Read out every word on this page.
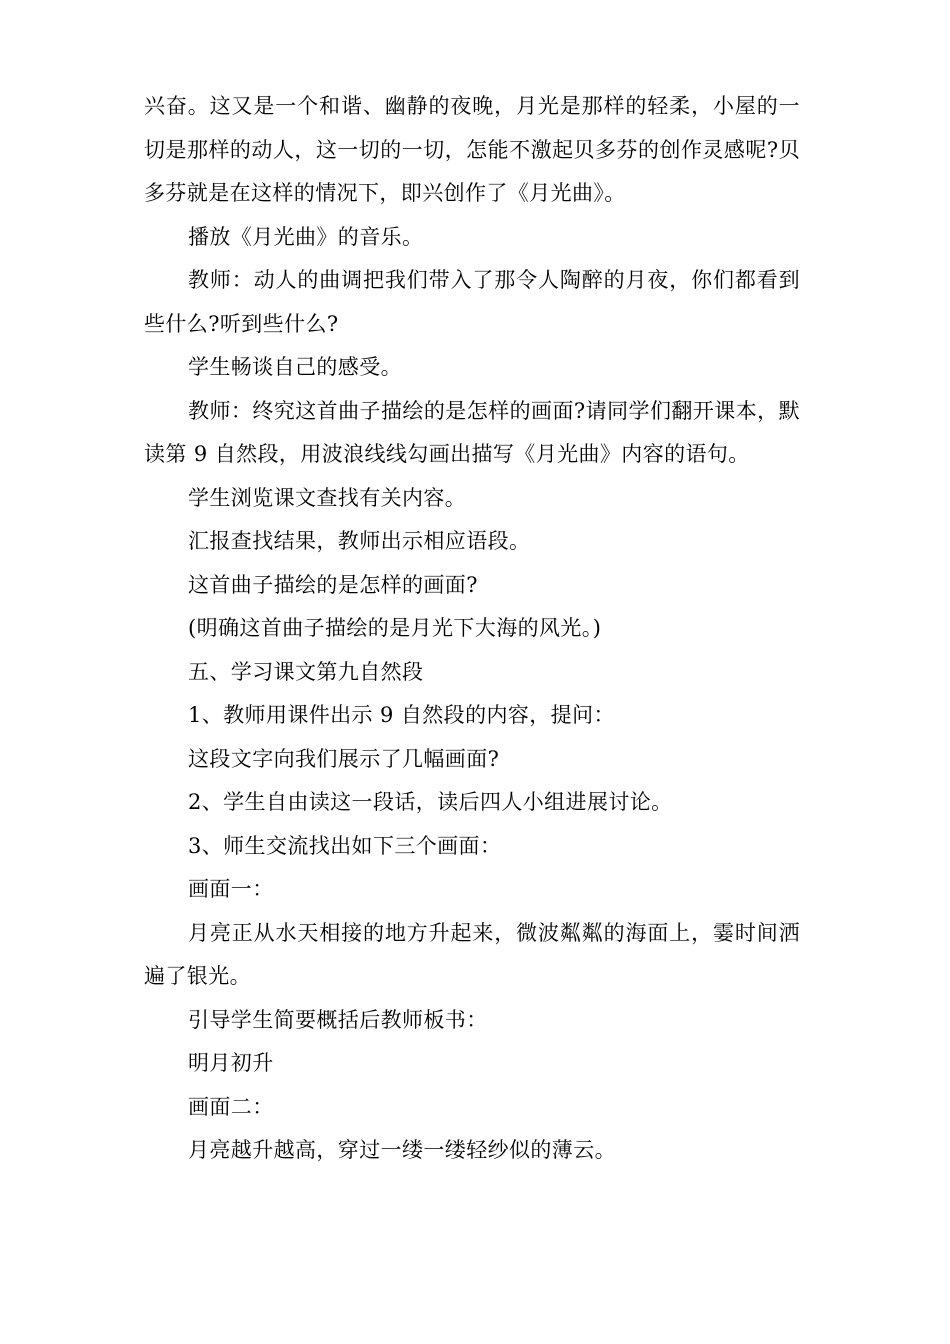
兴奋。这又是一个和谐、幽静的夜晚，月光是那样的轻柔，小屋的一切是那样的动人，这一切的一切，怎能不激起贝多芬的创作灵感呢?贝多芬就是在这样的情况下，即兴创作了《月光曲》。

播放《月光曲》的音乐。

教师：动人的曲调把我们带入了那令人陶醉的月夜，你们都看到些什么?听到些什么?

学生畅谈自己的感受。

教师：终究这首曲子描绘的是怎样的画面?请同学们翻开课本，默读第 9 自然段，用波浪线线勾画出描写《月光曲》内容的语句。

学生浏览课文查找有关内容。

汇报查找结果，教师出示相应语段。

这首曲子描绘的是怎样的画面?

(明确这首曲子描绘的是月光下大海的风光。)

五、学习课文第九自然段

1、教师用课件出示 9 自然段的内容，提问：

这段文字向我们展示了几幅画面?

2、学生自由读这一段话，读后四人小组进展讨论。

3、师生交流找出如下三个画面：

画面一：

月亮正从水天相接的地方升起来，微波粼粼的海面上，霎时间洒遍了银光。

引导学生简要概括后教师板书：

明月初升

画面二：

月亮越升越高，穿过一缕一缕轻纱似的薄云。
